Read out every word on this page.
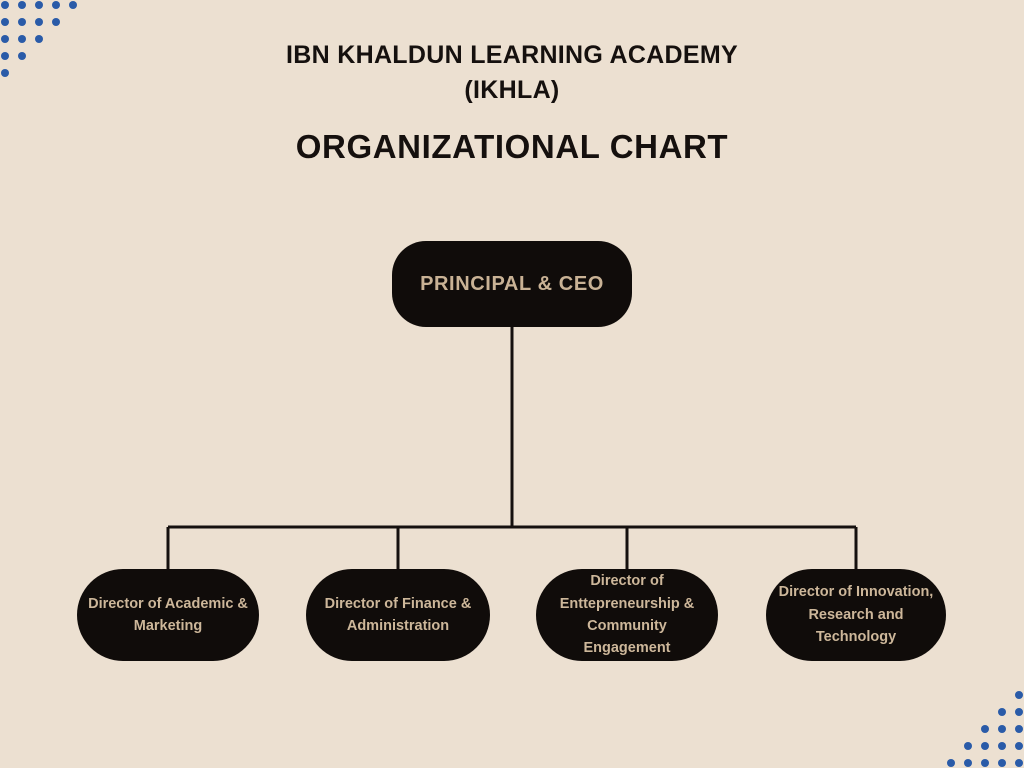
IBN KHALDUN LEARNING ACADEMY
(IKHLA)
ORGANIZATIONAL CHART
PRINCIPAL & CEO
Director of Academic & Marketing
Director of Finance & Administration
Director of Enttepreneurship & Community Engagement
Director of Innovation, Research and Technology
